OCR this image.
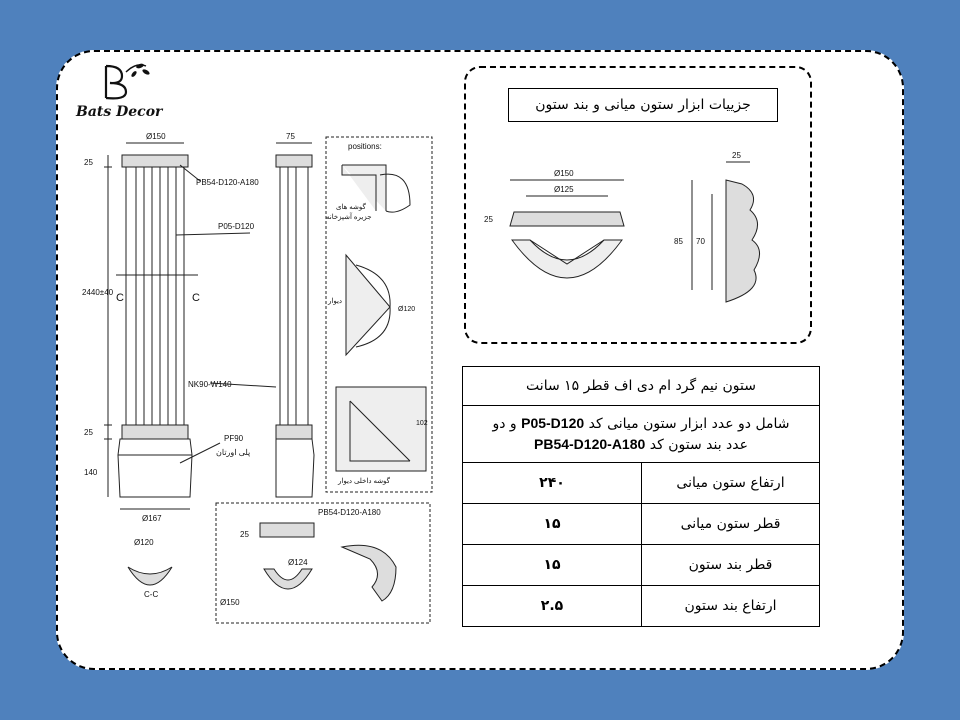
Bats Decor
Ø150
25
2440±40
25
140
Ø167
75
PB54-D120-A180
P05-D120
NK90-W140
PF90
پلی اورتان
C	C
Ø120
C-C
positions:
گوشه های
جزیره آشپزخانه
دیوار
گوشه داخلی دیوار
Ø120
102
PB54-D120-A180
25
Ø124
Ø150
جزییات ابزار ستون میانی و بند ستون
Ø150
Ø125
25
25
85 70
ستون نیم گرد ام دی اف قطر ۱۵ سانت	
شامل دو عدد ابزار ستون میانی کد P05-D120 و دو
عدد بند ستون کد PB54-D120-A180	
ارتفاع ستون میانی	۲۴۰
قطر ستون میانی	۱۵
قطر بند ستون	۱۵
ارتفاع بند ستون	۲.۵
